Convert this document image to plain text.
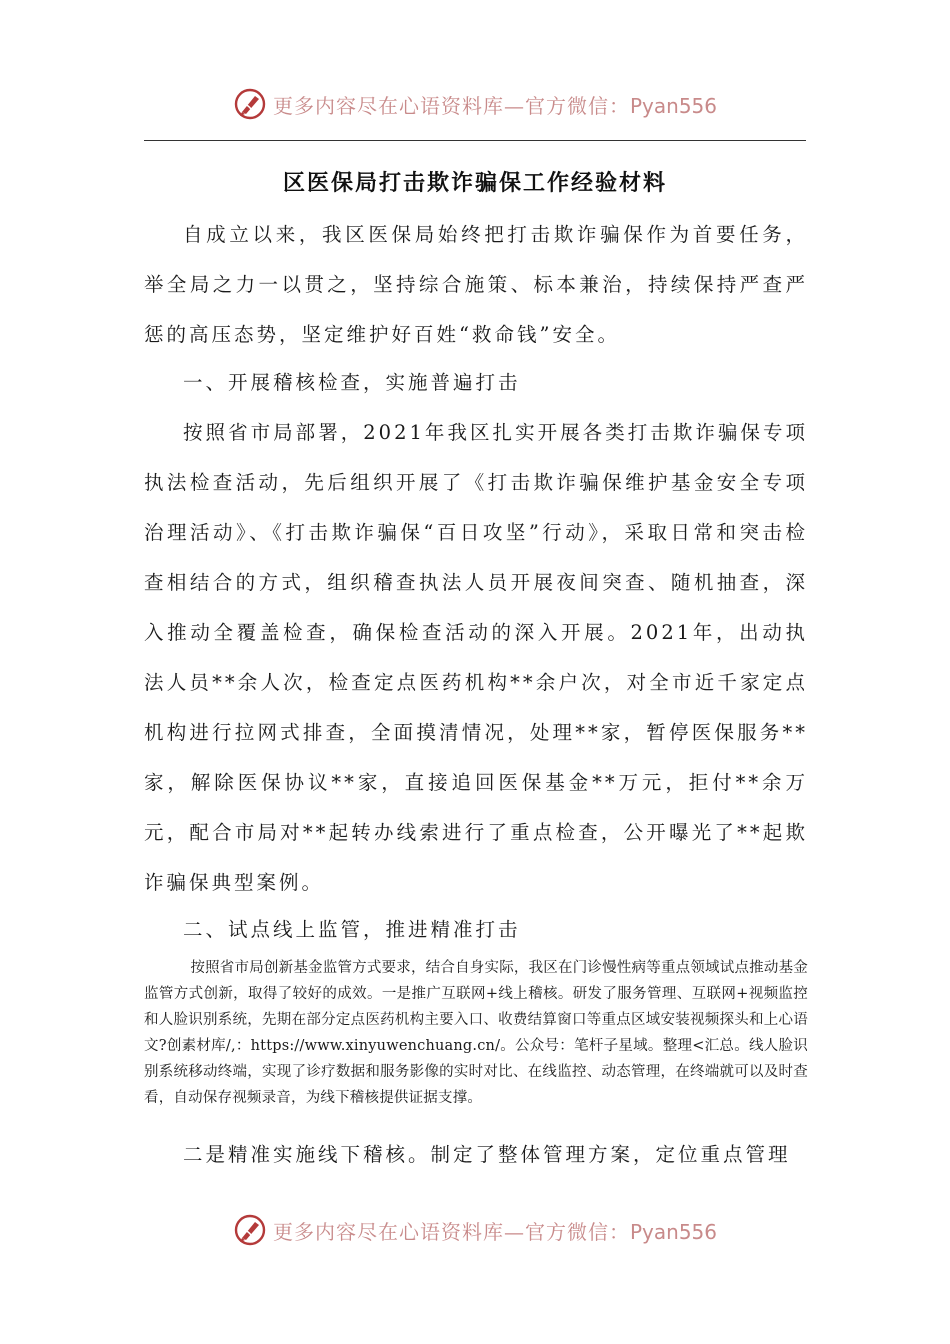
更多内容尽在心语资料库—官方微信：Pyan556
区医保局打击欺诈骗保工作经验材料

自成立以来，我区医保局始终把打击欺诈骗保作为首要任务，举全局之力一以贯之，坚持综合施策、标本兼治，持续保持严查严惩的高压态势，坚定维护好百姓“救命钱”安全。

一、开展稽核检查，实施普遍打击

按照省市局部署，2021年我区扎实开展各类打击欺诈骗保专项执法检查活动，先后组织开展了《打击欺诈骗保维护基金安全专项治理活动》、《打击欺诈骗保“百日攻坚”行动》，采取日常和突击检查相结合的方式，组织稽查执法人员开展夜间突查、随机抽查，深入推动全覆盖检查，确保检查活动的深入开展。2021年，出动执法人员**余人次，检查定点医药机构**余户次，对全市近千家定点机构进行拉网式排查，全面摸清情况，处理**家，暂停医保服务**家，解除医保协议**家，直接追回医保基金**万元，拒付**余万元，配合市局对**起转办线索进行了重点检查，公开曝光了**起欺诈骗保典型案例。

二、试点线上监管，推进精准打击

按照省市局创新基金监管方式要求，结合自身实际，我区在门诊慢性病等重点领域试点推动基金监管方式创新，取得了较好的成效。一是推广互联网+线上稽核。研发了服务管理、互联网+视频监控和人脸识别系统，先期在部分定点医药机构主要入口、收费结算窗口等重点区域安装视频探头和上心语文?创素材库/,：https://www.xinyuwenchuang.cn/。公众号：笔杆子星域。整理<汇总。线人脸识别系统移动终端，实现了诊疗数据和服务影像的实时对比、在线监控、动态管理，在终端就可以及时查看，自动保存视频录音，为线下稽核提供证据支撑。

二是精准实施线下稽核。制定了整体管理方案，定位重点管理

更多内容尽在心语资料库—官方微信：Pyan556
